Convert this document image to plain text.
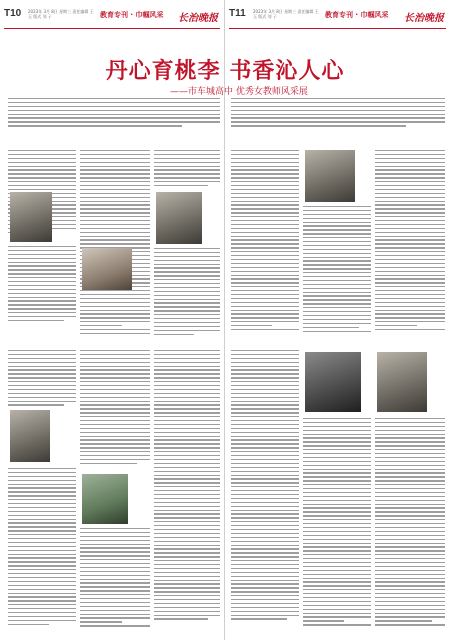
T10 2023年 3月 8日 星期三 责任编辑 王 玉 版式 刘 子	教育专刊 · 巾帼风采 长治晚报 T11 2023年 3月 8日 星期三 责任编辑 王 玉 版式 刘 子	教育专刊 · 巾帼风采 长治晚报
丹心育桃李 书香沁人心
——市车城高中 优秀女教师风采展
